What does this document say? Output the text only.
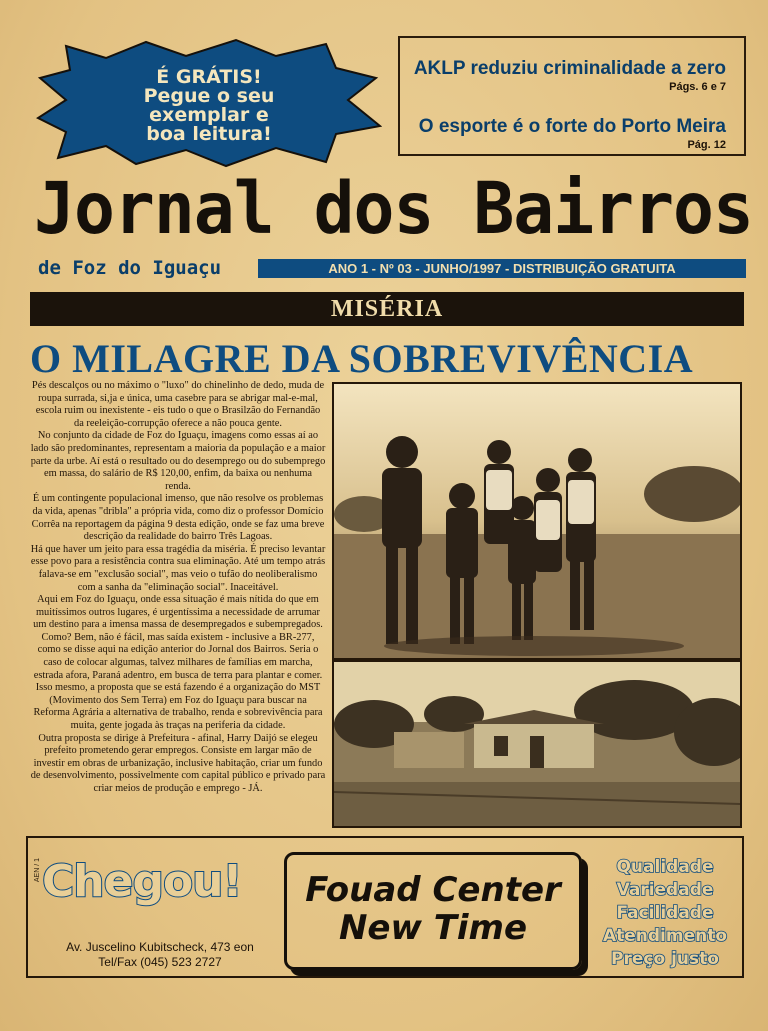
É GRÁTIS!
Pegue o seu
exemplar e
boa leitura!
AKLP reduziu criminalidade a zero
Págs. 6 e 7
O esporte é o forte do Porto Meira
Pág. 12
Jornal dos Bairros
de Foz do Iguaçu	ANO 1 - Nº 03 - JUNHO/1997 - DISTRIBUIÇÃO GRATUITA
MISÉRIA
O MILAGRE DA SOBREVIVÊNCIA

Pés descalços ou no máximo o "luxo" do chinelinho de dedo, muda de roupa surrada, si,ja e única, uma casebre para se abrigar mal-e-mal, escola ruim ou inexistente - eis tudo o que o Brasilzão do Fernandão da reeleição-corrupção oferece a não pouca gente.

No conjunto da cidade de Foz do Iguaçu, imagens como essas aí ao lado são predominantes, representam a maioria da população e a maior parte da urbe. Aí está o resultado ou do desemprego ou do subemprego em massa, do salário de R$ 120,00, enfim, da baixa ou nenhuma renda.

É um contingente populacional imenso, que não resolve os problemas da vida, apenas "dribla" a própria vida, como diz o professor Domício Corrêa na reportagem da página 9 desta edição, onde se faz uma breve descrição da realidade do bairro Três Lagoas.

Há que haver um jeito para essa tragédia da miséria. É preciso levantar esse povo para a resistência contra sua eliminação. Até um tempo atrás falava-se em "exclusão social", mas veio o tufão do neoliberalismo com a sanha da "eliminação social". Inaceitável.

Aqui em Foz do Iguaçu, onde essa situação é mais nítida do que em muitíssimos outros lugares, é urgentíssima a necessidade de arrumar um destino para a imensa massa de desempregados e subempregados.

Como? Bem, não é fácil, mas saída existem - inclusive a BR-277, como se disse aqui na edição anterior do Jornal dos Bairros. Seria o caso de colocar algumas, talvez milhares de famílias em marcha, estrada afora, Paraná adentro, em busca de terra para plantar e comer.

Isso mesmo, a proposta que se está fazendo é a organização do MST (Movimento dos Sem Terra) em Foz do Iguaçu para buscar na Reforma Agrária a alternativa de trabalho, renda e sobrevivência para muita, gente jogada às traças na periferia da cidade.

Outra proposta se dirige à Prefeitura - afinal, Harry Daijó se elegeu prefeito prometendo gerar empregos. Consiste em largar mão de investir em obras de urbanização, inclusive habitação, criar um fundo de desenvolvimento, possivelmente com capital público e privado para criar meios de produção e emprego - JÁ.

AEN / 1 Chegou!
Av. Juscelino Kubitscheck, 473 eon
Tel/Fax (045) 523 2727
Fouad Center
New Time
Qualidade
Variedade
Facilidade
Atendimento
Preço justo
